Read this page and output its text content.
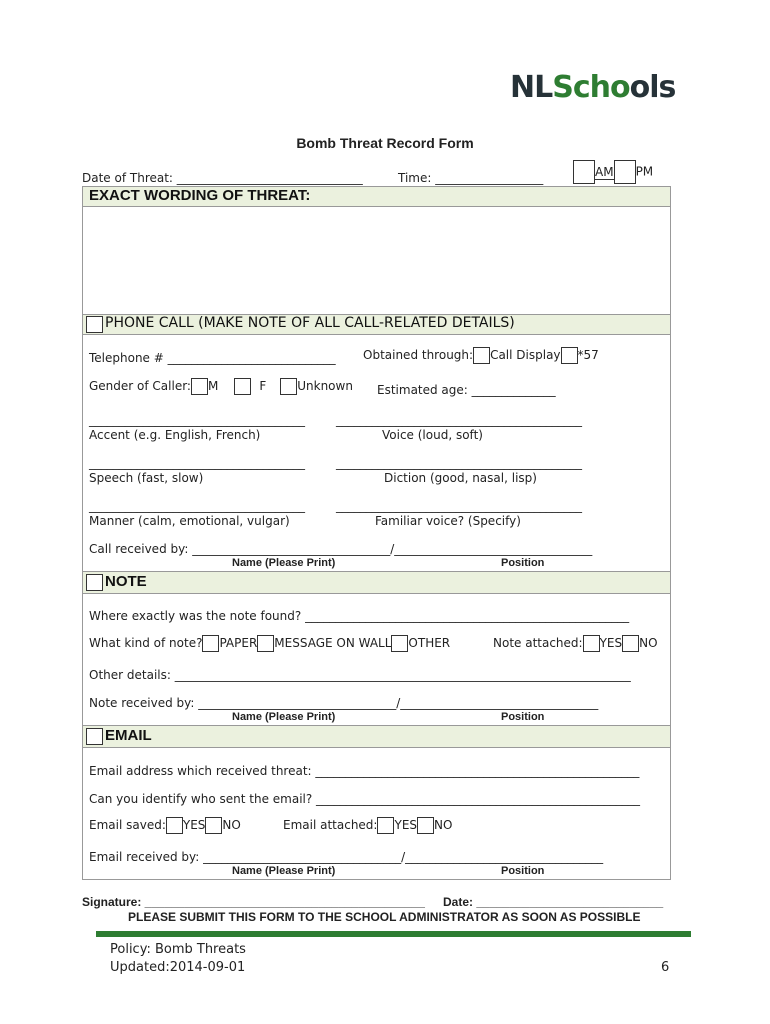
NLSchools
Bomb Threat Record Form
Date of Threat: _______________________________	Time: __________________	AM PM
EXACT WORDING OF THREAT:
PHONE CALL (MAKE NOTE OF ALL CALL-RELATED DETAILS)
Telephone # ____________________________ Obtained through: Call Display *57
Gender of Caller: M	F	Unknown Estimated age: ______________
____________________________________	_________________________________________
Accent (e.g. English, French)	Voice (loud, soft)
____________________________________	_________________________________________
Speech (fast, slow)	Diction (good, nasal, lisp)
____________________________________	_________________________________________
Manner (calm, emotional, vulgar)	Familiar voice? (Specify)
Call received by: _________________________________/_________________________________
Name (Please Print)	Position
NOTE
Where exactly was the note found? ______________________________________________________
What kind of note? PAPER MESSAGE ON WALL OTHER	Note attached: YES NO
Other details: ____________________________________________________________________________
Note received by: _________________________________/_________________________________
Name (Please Print)	Position
EMAIL
Email address which received threat: ______________________________________________________
Can you identify who sent the email? ______________________________________________________
Email saved: YES NO	Email attached: YES NO
Email received by: _________________________________/_________________________________
Name (Please Print)	Position
Signature: __________________________________________ Date: ____________________________
PLEASE SUBMIT THIS FORM TO THE SCHOOL ADMINISTRATOR AS SOON AS POSSIBLE
Policy: Bomb Threats
Updated:2014-09-01	6
